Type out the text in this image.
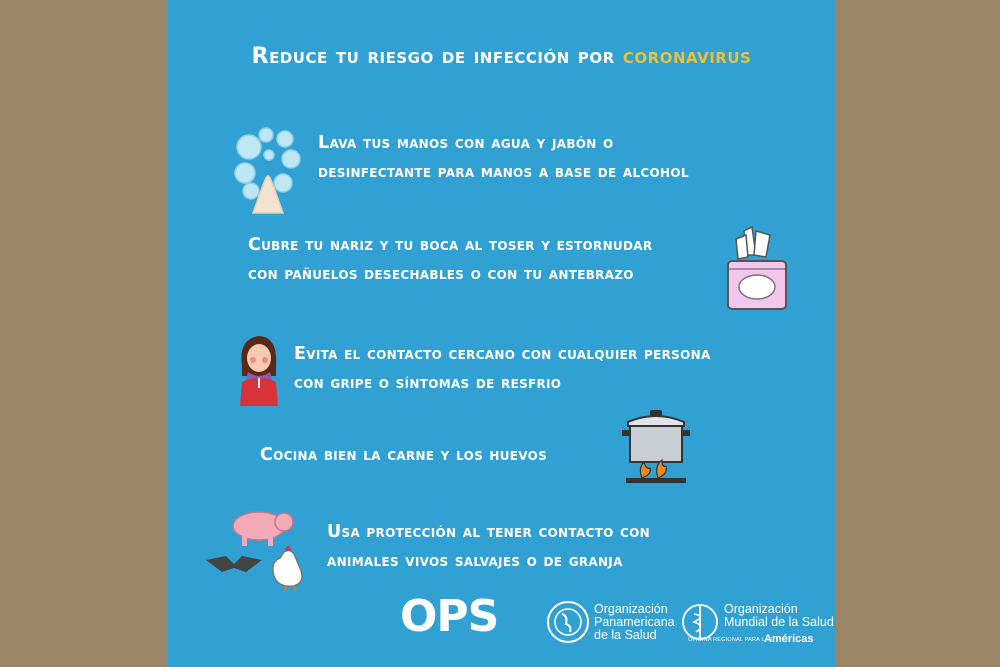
Reduce tu riesgo de infección por coronavirus
Lava tus manos con agua y jabón o
desinfectante para manos a base de alcohol
Cubre tu nariz y tu boca al toser y estornudar
con pañuelos desechables o con tu antebrazo
Evita el contacto cercano con cualquier persona
con gripe o síntomas de resfrio
Cocina bien la carne y los huevos
Usa protección al tener contacto con
animales vivos salvajes o de granja
OPS	Organización
Panamericana
de la Salud
Organización
Mundial de la Salud
OFICINA REGIONAL PARA LAS
Américas
